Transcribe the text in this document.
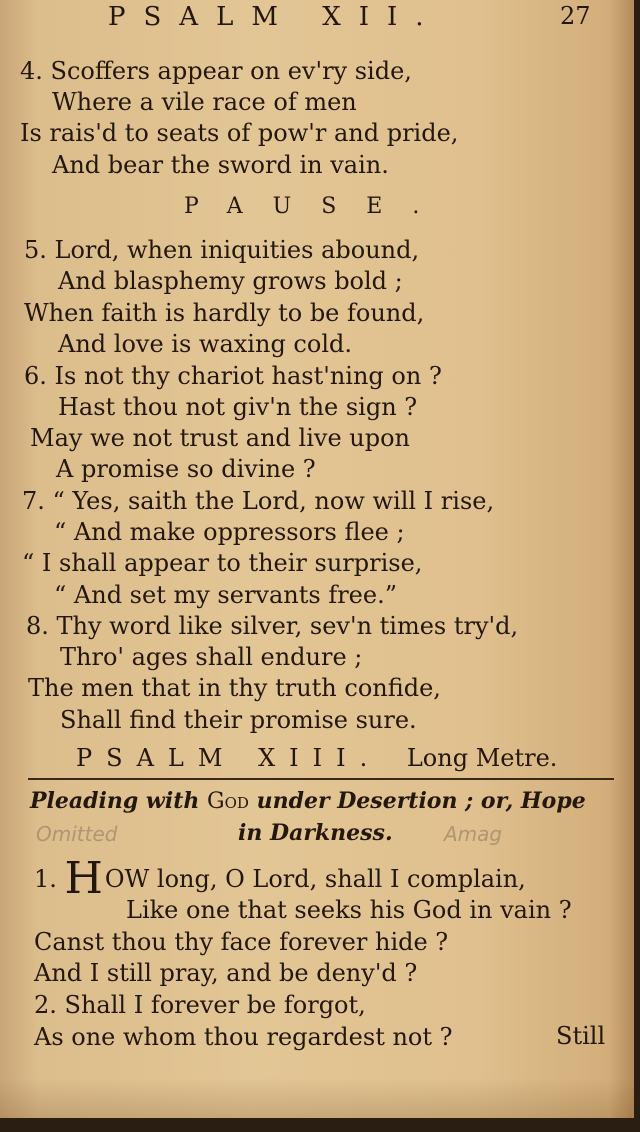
PSALM XII.	27
4. Scoffers appear on ev'ry side,
Where a vile race of men
Is rais'd to seats of pow'r and pride,
And bear the sword in vain.
PAUSE.
5. Lord, when iniquities abound,
And blasphemy grows bold ;
When faith is hardly to be found,
And love is waxing cold.
6. Is not thy chariot hast'ning on ?
Hast thou not giv'n the sign ?
May we not trust and live upon
A promise so divine ?
7. “ Yes, saith the Lord, now will I rise,
“ And make oppressors flee ;
“ I shall appear to their surprise,
“ And set my servants free.”
8. Thy word like silver, sev'n times try'd,
Thro' ages shall endure ;
The men that in thy truth confide,
Shall find their promise sure.
PSALM XIII. Long Metre.
Pleading with God under Desertion ; or, Hope
Omitted	in Darkness.	Amag
1. HOW long, O Lord, shall I complain,
Like one that seeks his God in vain ?
Canst thou thy face forever hide ?
And I still pray, and be deny'd ?
2. Shall I forever be forgot,
As one whom thou regardest not ?	Still
